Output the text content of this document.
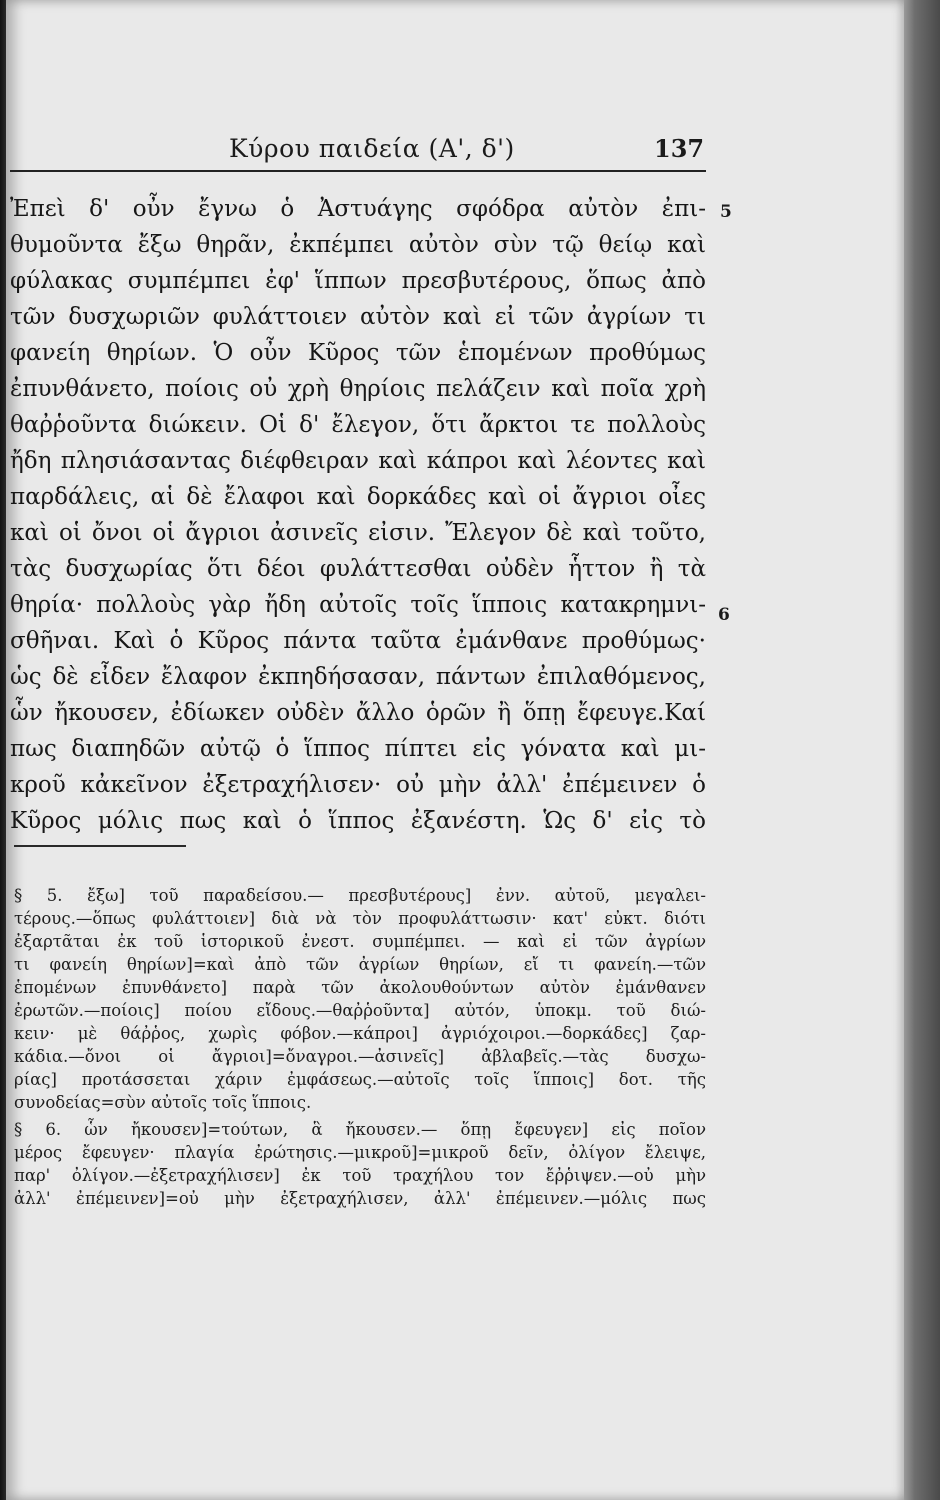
Κύρου παιδεία (Α', δ')	137
Ἐπεὶ δ' οὖν ἔγνω ὁ Ἀστυάγης σφόδρα αὐτὸν ἐπι-
θυμοῦντα ἔξω θηρᾶν, ἐκπέμπει αὐτὸν σὺν τῷ θείῳ καὶ
φύλακας συμπέμπει ἐφ' ἵππων πρεσβυτέρους, ὅπως ἀπὸ
τῶν δυσχωριῶν φυλάττοιεν αὐτὸν καὶ εἰ τῶν ἀγρίων τι
φανείη θηρίων. Ὁ οὖν Κῦρος τῶν ἑπομένων προθύμως
ἐπυνθάνετο, ποίοις οὐ χρὴ θηρίοις πελάζειν καὶ ποῖα χρὴ
θαῤῥοῦντα διώκειν. Οἱ δ' ἔλεγον, ὅτι ἄρκτοι τε πολλοὺς
ἤδη πλησιάσαντας διέφθειραν καὶ κάπροι καὶ λέοντες καὶ
παρδάλεις, αἱ δὲ ἔλαφοι καὶ δορκάδες καὶ οἱ ἄγριοι οἶες
καὶ οἱ ὄνοι οἱ ἄγριοι ἀσινεῖς εἰσιν. Ἔλεγον δὲ καὶ τοῦτο,
τὰς δυσχωρίας ὅτι δέοι φυλάττεσθαι οὐδὲν ἧττον ἢ τὰ
θηρία· πολλοὺς γὰρ ἤδη αὐτοῖς τοῖς ἵπποις κατακρημνι-
σθῆναι. Καὶ ὁ Κῦρος πάντα ταῦτα ἐμάνθανε προθύμως·
ὡς δὲ εἶδεν ἔλαφον ἐκπηδήσασαν, πάντων ἐπιλαθόμενος,
ὧν ἤκουσεν, ἐδίωκεν οὐδὲν ἄλλο ὁρῶν ἢ ὅπῃ ἔφευγε.Καί
πως διαπηδῶν αὐτῷ ὁ ἵππος πίπτει εἰς γόνατα καὶ μι-
κροῦ κἀκεῖνον ἐξετραχήλισεν· οὐ μὴν ἀλλ' ἐπέμεινεν ὁ
Κῦρος μόλις πως καὶ ὁ ἵππος ἐξανέστη. Ὡς δ' εἰς τὸ
5
6
§ 5. ἔξω] τοῦ παραδείσου.— πρεσβυτέρους] ἐνν. αὐτοῦ, μεγαλει-
τέρους.—ὅπως φυλάττοιεν] διὰ νὰ τὸν προφυλάττωσιν· κατ' εὐκτ. διότι
ἐξαρτᾶται ἐκ τοῦ ἱστορικοῦ ἐνεστ. συμπέμπει. — καὶ εἰ τῶν ἀγρίων
τι φανείη θηρίων]=καὶ ἀπὸ τῶν ἀγρίων θηρίων, εἴ τι φανείη.—τῶν
ἑπομένων ἐπυνθάνετο] παρὰ τῶν ἀκολουθούντων αὐτὸν ἐμάνθανεν
ἐρωτῶν.—ποίοις] ποίου εἴδους.—θαῤῥοῦντα] αὐτόν, ὑποκμ. τοῦ διώ-
κειν· μὲ θάῤῥος, χωρὶς φόβον.—κάπροι] ἀγριόχοιροι.—δορκάδες] ζαρ-
κάδια.—ὄνοι οἱ ἄγριοι]=ὄναγροι.—ἀσινεῖς] ἀβλαβεῖς.—τὰς δυσχω-
ρίας] προτάσσεται χάριν ἐμφάσεως.—αὐτοῖς τοῖς ἵπποις] δοτ. τῆς
συνοδείας=σὺν αὐτοῖς τοῖς ἵπποις.
§ 6. ὧν ἤκουσεν]=τούτων, ἃ ἤκουσεν.— ὅπῃ ἔφευγεν] εἰς ποῖον
μέρος ἔφευγεν· πλαγία ἐρώτησις.—μικροῦ]=μικροῦ δεῖν, ὀλίγον ἔλειψε,
παρ' ὀλίγον.—ἐξετραχήλισεν] ἐκ τοῦ τραχήλου τον ἔῤῥιψεν.—οὐ μὴν
ἀλλ' ἐπέμεινεν]=οὐ μὴν ἐξετραχήλισεν, ἀλλ' ἐπέμεινεν.—μόλις πως
